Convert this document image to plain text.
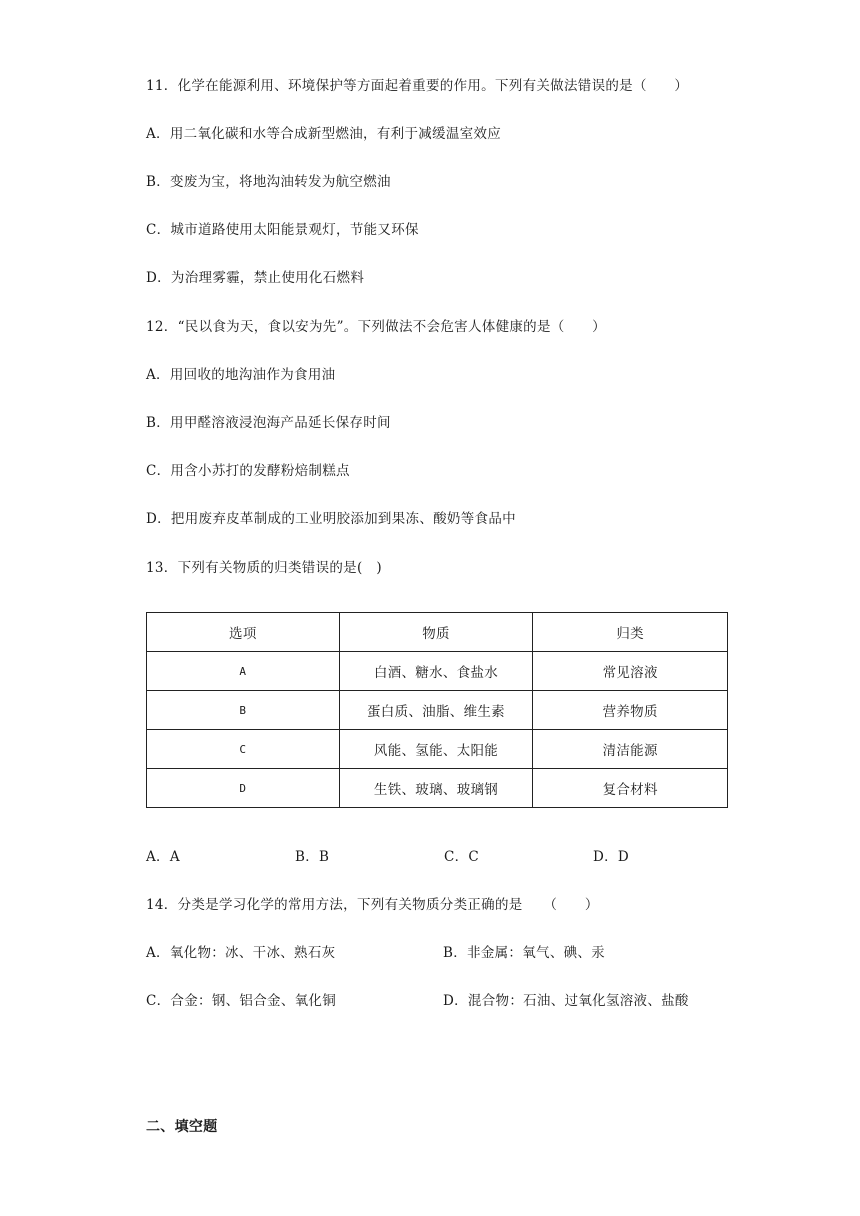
11．化学在能源利用、环境保护等方面起着重要的作用。下列有关做法错误的是（　　）
A．用二氧化碳和水等合成新型燃油，有利于减缓温室效应
B．变废为宝，将地沟油转发为航空燃油
C．城市道路使用太阳能景观灯，节能又环保
D．为治理雾霾，禁止使用化石燃料
12．“民以食为天，食以安为先”。下列做法不会危害人体健康的是（　　）
A．用回收的地沟油作为食用油
B．用甲醛溶液浸泡海产品延长保存时间
C．用含小苏打的发酵粉焙制糕点
D．把用废弃皮革制成的工业明胶添加到果冻、酸奶等食品中
13．下列有关物质的归类错误的是(　)
选项	物质	归类
A	白酒、糖水、食盐水	常见溶液
B	蛋白质、油脂、维生素	营养物质
C	风能、氢能、太阳能	清洁能源
D	生铁、玻璃、玻璃钢	复合材料
A．A	B．B	C．C	D．D
14．分类是学习化学的常用方法，下列有关物质分类正确的是　　（　　）
A．氧化物：冰、干冰、熟石灰	B．非金属：氧气、碘、汞
C．合金：钢、铝合金、氧化铜	D．混合物：石油、过氧化氢溶液、盐酸
二、填空题
